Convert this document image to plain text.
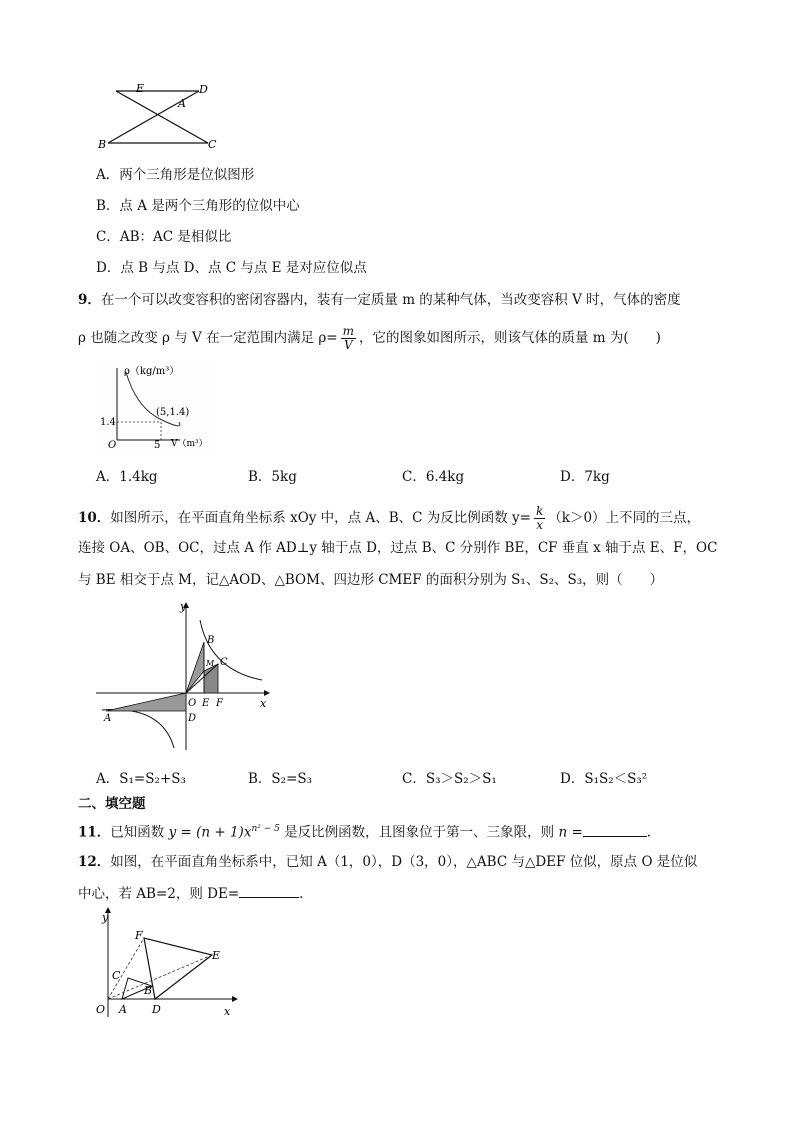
E	D
A
B	C
A．两个三角形是位似图形
B．点 A 是两个三角形的位似中心
C．AB：AC 是相似比
D．点 B 与点 D、点 C 与点 E 是对应位似点
9．在一个可以改变容积的密闭容器内，装有一定质量 m 的某种气体，当改变容积 V 时，气体的密度
ρ 也随之改变 ρ 与 V 在一定范围内满足 $\rho= \frac{m}{V}$ ，它的图象如图所示，则该气体的质量 m 为(　　)
ρ（kg/m³）
V（m³）
O
1.4
5
(5,1.4)
A．1.4kg	B．5kg	C．6.4kg	D．7kg
10．如图所示，在平面直角坐标系 xOy 中，点 A、B、C 为反比例函数 $y= \frac{k}{x} (k>0)$上不同的三点，
连接 OA、OB、OC，过点 A 作 AD⊥y 轴于点 D，过点 B、C 分别作 BE，CF 垂直 x 轴于点 E、F，OC
与 BE 相交于点 M，记△AOD、△BOM、四边形 CMEF 的面积分别为 S₁、S₂、S₃，则（　　）
y
x
O
A
B
C
D
E F
M
A．S₁=S₂+S₃	B．S₂=S₃	C．S₃＞S₂＞S₁	D．S₁S₂＜S₃²
二、填空题
11．已知函数 $y = (n + 1)x^{n^2 - 5}$ 是反比例函数，且图象位于第一、三象限，则 n =	.
12．如图，在平面直角坐标系中，已知 A（1，0），D（3，0），△ABC 与△DEF 位似，原点 O 是位似
中心，若 AB=2，则 DE=	.
y
x
O A
B
C
D
E
F
